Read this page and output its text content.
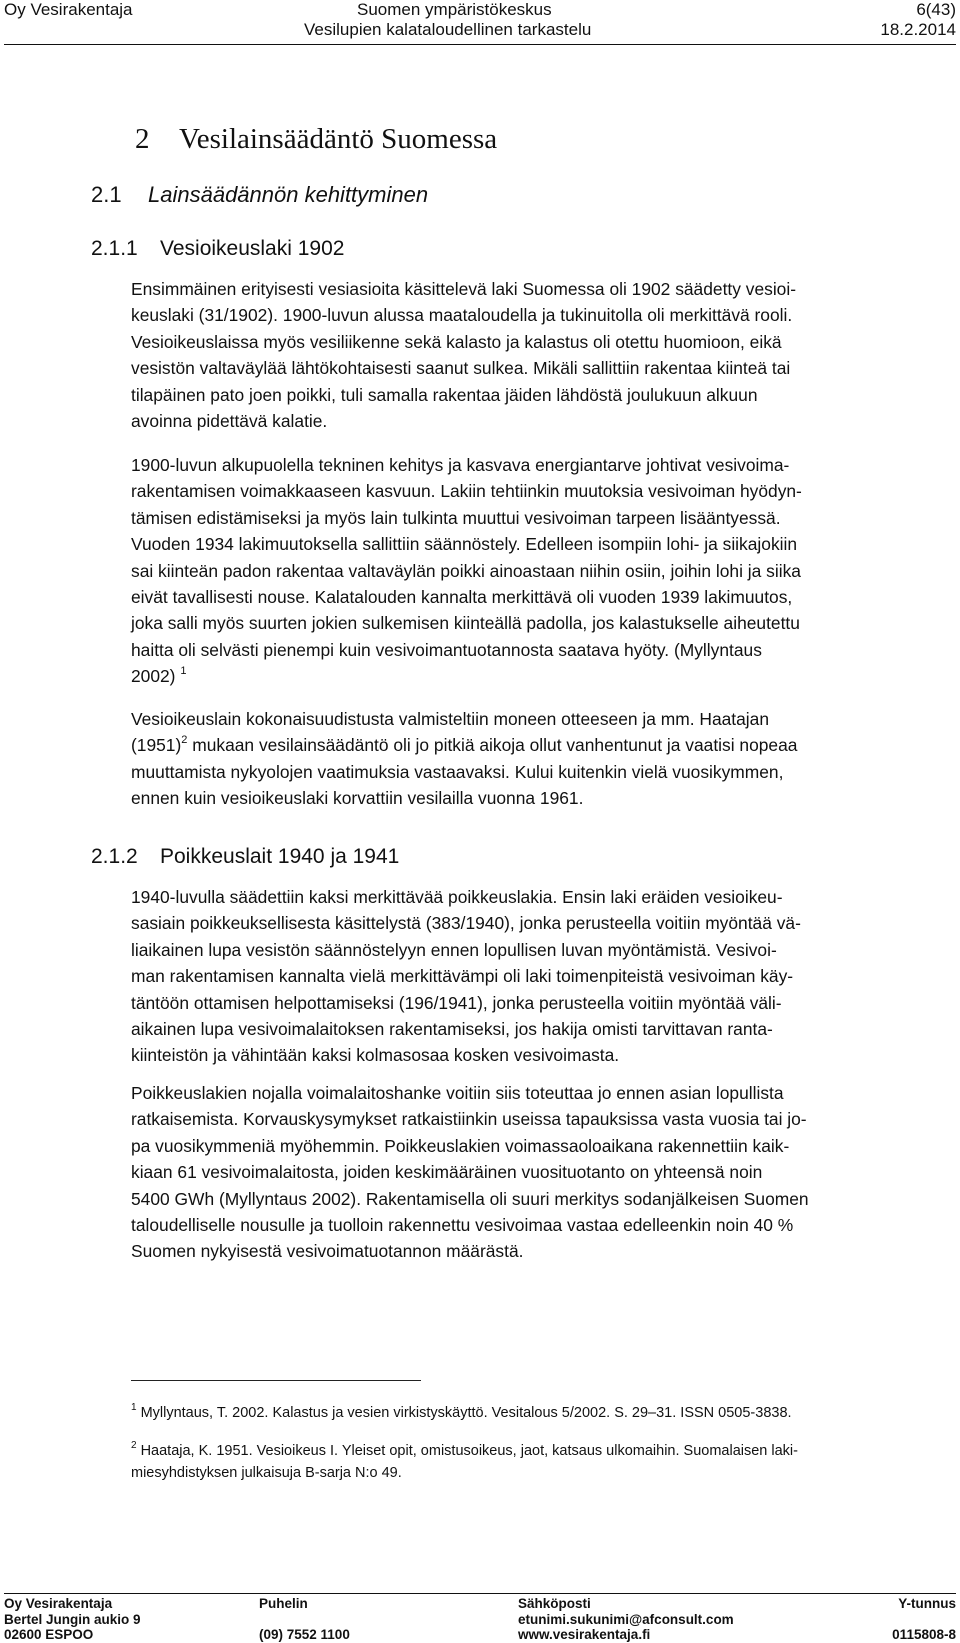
Oy Vesirakentaja	Suomen ympäristökeskus	6(43)
Vesilupien kalataloudellinen tarkastelu	18.2.2014
2 Vesilainsäädäntö Suomessa
2.1 Lainsäädännön kehittyminen
2.1.1 Vesioikeuslaki 1902
Ensimmäinen erityisesti vesiasioita käsittelevä laki Suomessa oli 1902 säädetty vesioi-
keuslaki (31/1902). 1900-luvun alussa maataloudella ja tukinuitolla oli merkittävä rooli.
Vesioikeuslaissa myös vesiliikenne sekä kalasto ja kalastus oli otettu huomioon, eikä
vesistön valtaväylää lähtökohtaisesti saanut sulkea. Mikäli sallittiin rakentaa kiinteä tai
tilapäinen pato joen poikki, tuli samalla rakentaa jäiden lähdöstä joulukuun alkuun
avoinna pidettävä kalatie.
1900-luvun alkupuolella tekninen kehitys ja kasvava energiantarve johtivat vesivoima-
rakentamisen voimakkaaseen kasvuun. Lakiin tehtiinkin muutoksia vesivoiman hyödyn-
tämisen edistämiseksi ja myös lain tulkinta muuttui vesivoiman tarpeen lisääntyessä.
Vuoden 1934 lakimuutoksella sallittiin säännöstely. Edelleen isompiin lohi- ja siikajokiin
sai kiinteän padon rakentaa valtaväylän poikki ainoastaan niihin osiin, joihin lohi ja siika
eivät tavallisesti nouse. Kalatalouden kannalta merkittävä oli vuoden 1939 lakimuutos,
joka salli myös suurten jokien sulkemisen kiinteällä padolla, jos kalastukselle aiheutettu
haitta oli selvästi pienempi kuin vesivoimantuotannosta saatava hyöty. (Myllyntaus
2002) $^1$
Vesioikeuslain kokonaisuudistusta valmisteltiin moneen otteeseen ja mm. Haatajan
$(1951)^2$ mukaan vesilainsäädäntö oli jo pitkiä aikoja ollut vanhentunut ja vaatisi nopeaa
muuttamista nykyolojen vaatimuksia vastaavaksi. Kului kuitenkin vielä vuosikymmen,
ennen kuin vesioikeuslaki korvattiin vesilailla vuonna 1961.
2.1.2 Poikkeuslait 1940 ja 1941
1940-luvulla säädettiin kaksi merkittävää poikkeuslakia. Ensin laki eräiden vesioikeu-
sasiain poikkeuksellisesta käsittelystä (383/1940), jonka perusteella voitiin myöntää vä-
liaikainen lupa vesistön säännöstelyyn ennen lopullisen luvan myöntämistä. Vesivoi-
man rakentamisen kannalta vielä merkittävämpi oli laki toimenpiteistä vesivoiman käy-
täntöön ottamisen helpottamiseksi (196/1941), jonka perusteella voitiin myöntää väli-
aikainen lupa vesivoimalaitoksen rakentamiseksi, jos hakija omisti tarvittavan ranta-
kiinteistön ja vähintään kaksi kolmasosaa kosken vesivoimasta.
Poikkeuslakien nojalla voimalaitoshanke voitiin siis toteuttaa jo ennen asian lopullista
ratkaisemista. Korvauskysymykset ratkaistiinkin useissa tapauksissa vasta vuosia tai jo-
pa vuosikymmeniä myöhemmin. Poikkeuslakien voimassaoloaikana rakennettiin kaik-
kiaan 61 vesivoimalaitosta, joiden keskimääräinen vuosituotanto on yhteensä noin
5400 GWh (Myllyntaus 2002). Rakentamisella oli suuri merkitys sodanjälkeisen Suomen
taloudelliselle nousulle ja tuolloin rakennettu vesivoimaa vastaa edelleenkin noin 40 %
Suomen nykyisestä vesivoimatuotannon määrästä.
$^1$ Myllyntaus, T. 2002. Kalastus ja vesien virkistyskäyttö. Vesitalous 5/2002. S. 29–31. ISSN 0505-3838.
$^2$ Haataja, K. 1951. Vesioikeus I. Yleiset opit, omistusoikeus, jaot, katsaus ulkomaihin. Suomalaisen laki-
miesyhdistyksen julkaisuja B-sarja N:o 49.
Oy Vesirakentaja
Bertel Jungin aukio 9
02600 ESPOO
Puhelin

(09) 7552 1100
Sähköposti
etunimi.sukunimi@afconsult.com
www.vesirakentaja.fi
Y-tunnus

0115808-8
